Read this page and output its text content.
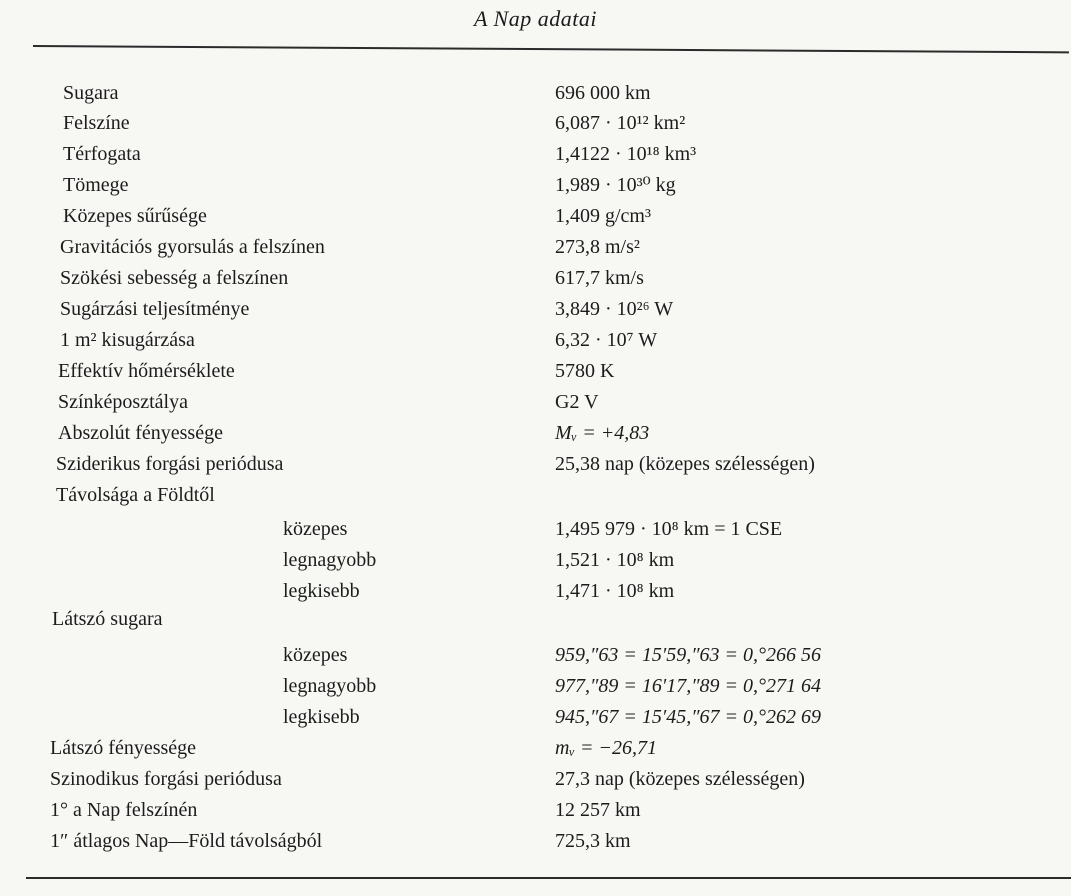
A Nap adatai
Sugara	696 000 km
Felszíne	6,087 · 10¹² km²
Térfogata	1,4122 · 10¹⁸ km³
Tömege	1,989 · 10³⁰ kg
Közepes sűrűsége	1,409 g/cm³
Gravitációs gyorsulás a felszínen	273,8 m/s²
Szökési sebesség a felszínen	617,7 km/s
Sugárzási teljesítménye	3,849 · 10²⁶ W
1 m² kisugárzása	6,32 · 10⁷ W
Effektív hőmérséklete	5780 K
Színképosztálya	G2 V
Abszolút fényessége	Mᵥ = +4,83
Sziderikus forgási periódusa	25,38 nap (közepes szélességen)
Távolsága a Földtől
közepes	1,495 979 · 10⁸ km = 1 CSE
legnagyobb	1,521 · 10⁸ km
legkisebb	1,471 · 10⁸ km
Látszó sugara
közepes	959,″63 = 15′59,″63 = 0,°266 56
legnagyobb	977,″89 = 16′17,″89 = 0,°271 64
legkisebb	945,″67 = 15′45,″67 = 0,°262 69
Látszó fényessége	mᵥ = −26,71
Szinodikus forgási periódusa	27,3 nap (közepes szélességen)
1° a Nap felszínén	12 257 km
1″ átlagos Nap—Föld távolságból	725,3 km
